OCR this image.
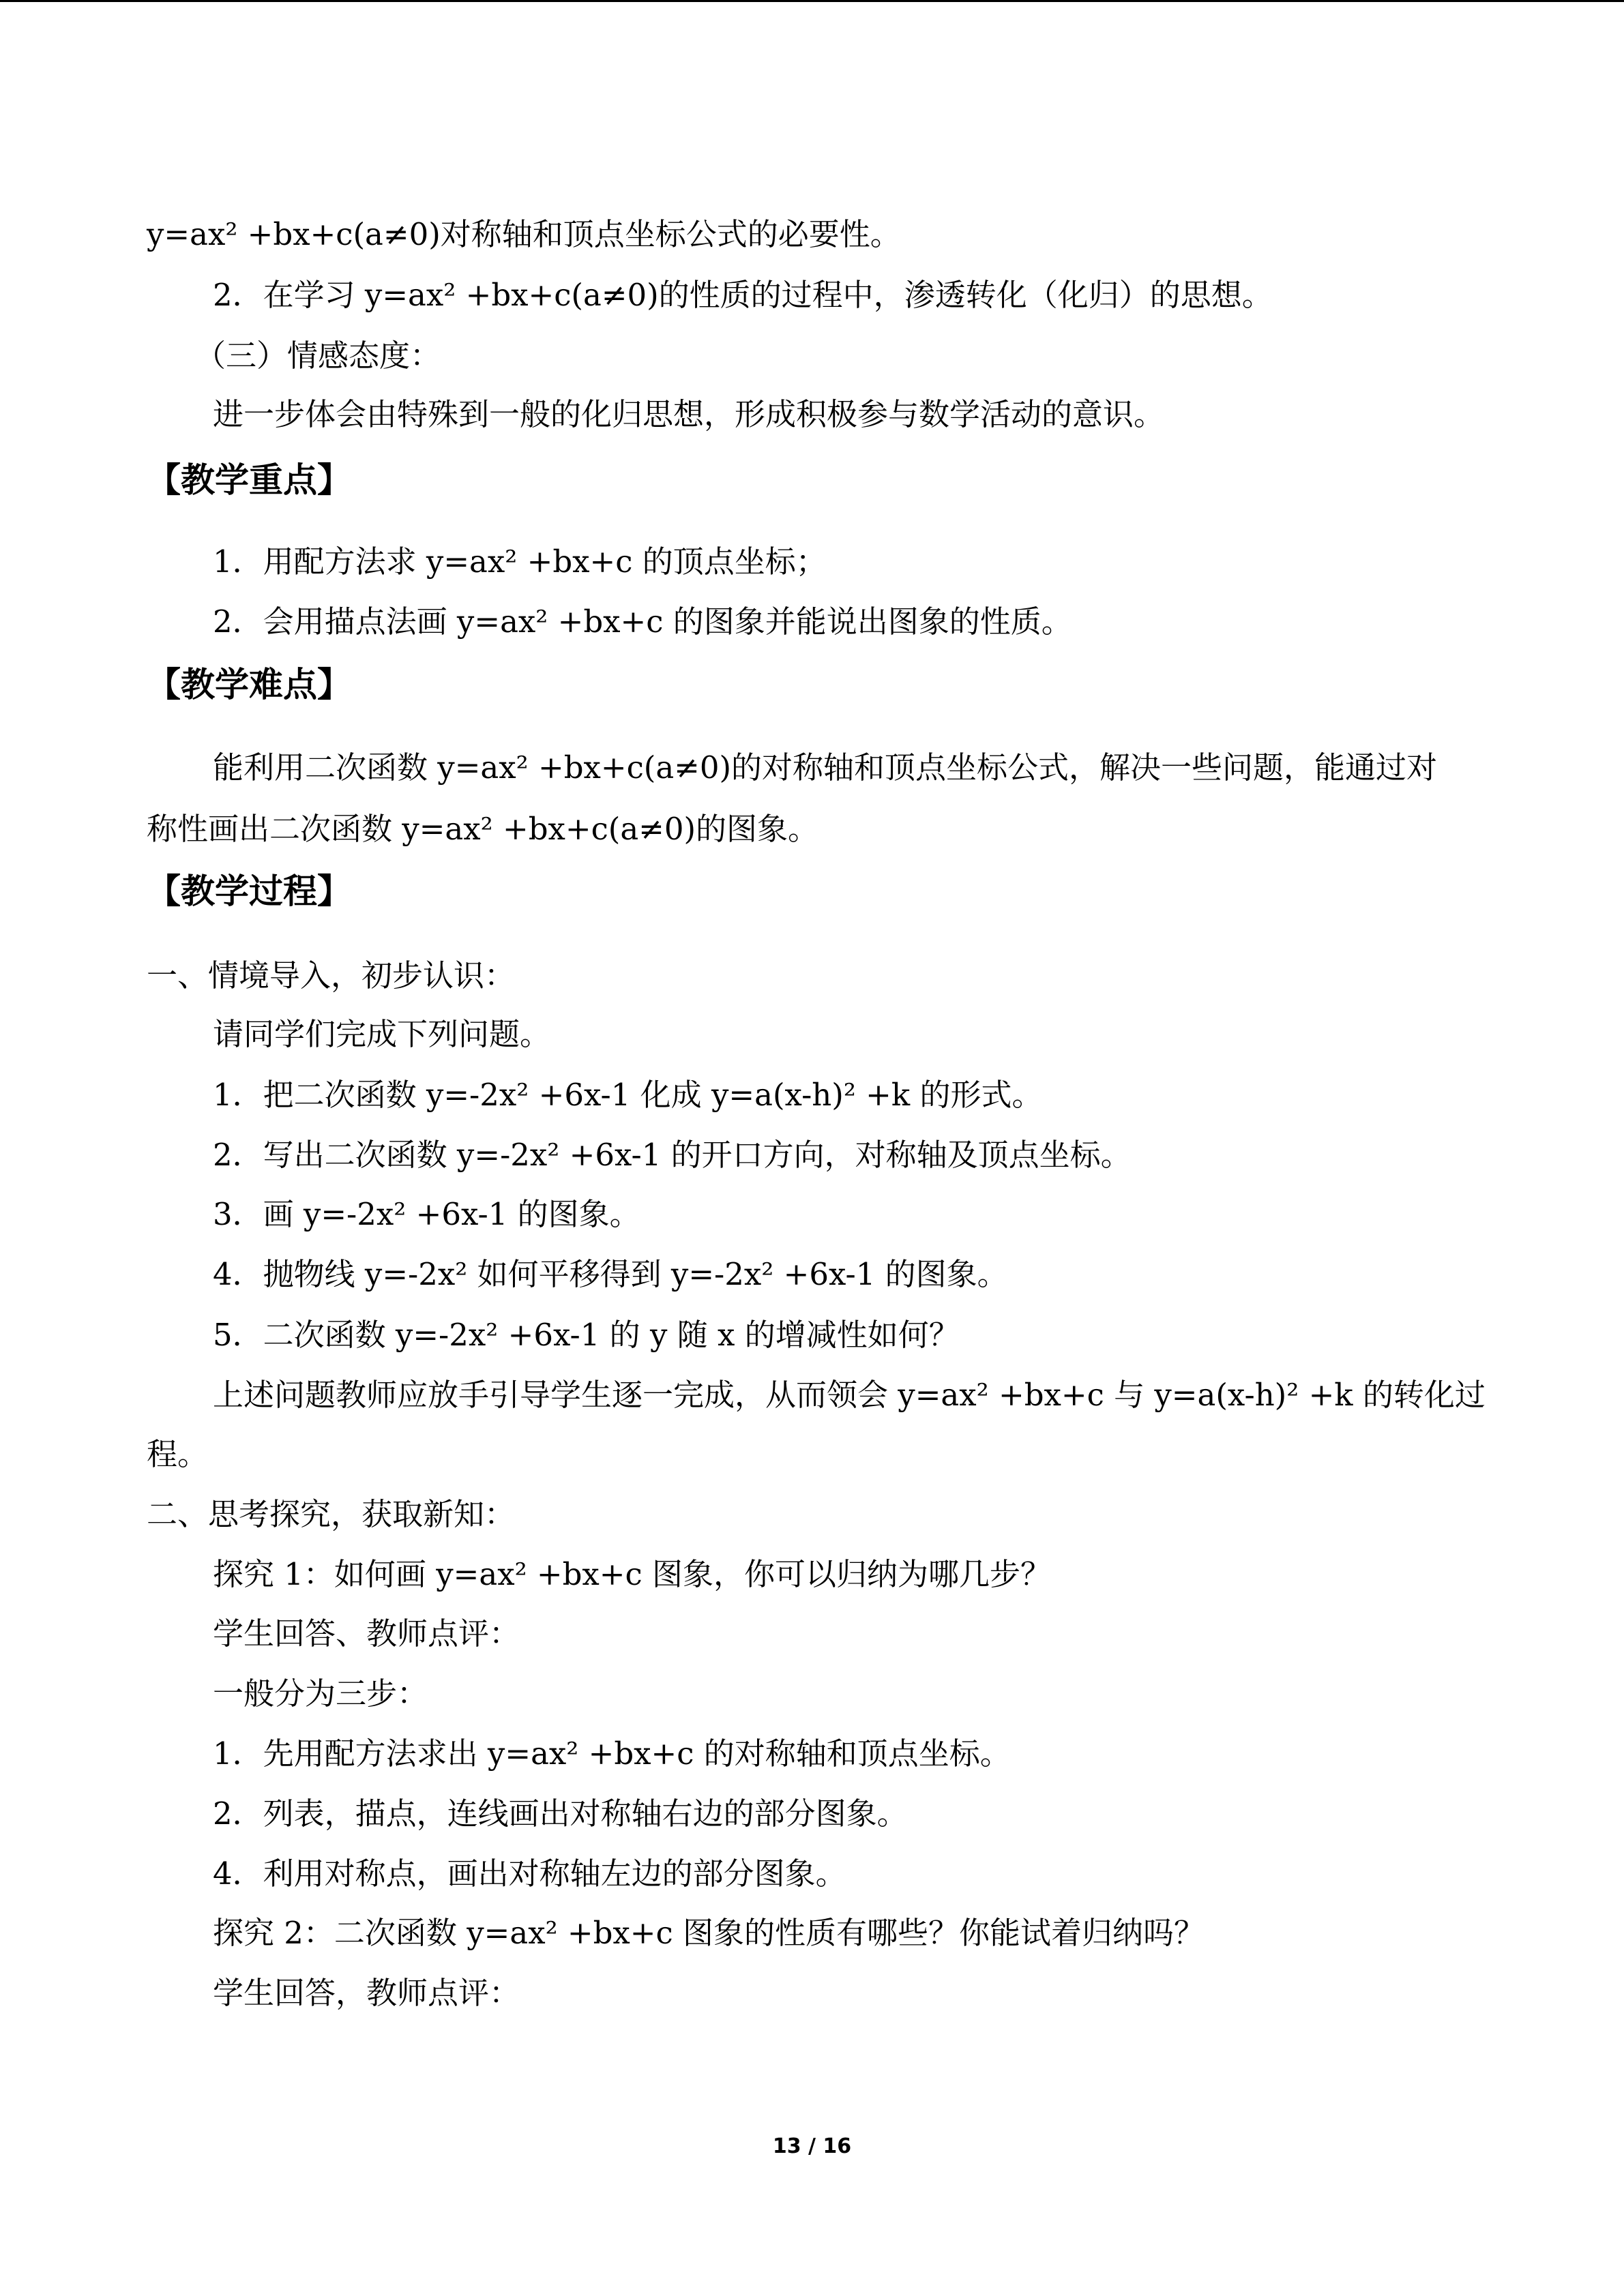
y=ax² +bx+c(a≠0)对称轴和顶点坐标公式的必要性。
2．在学习 y=ax² +bx+c(a≠0)的性质的过程中，渗透转化（化归）的思想。
（三）情感态度：
进一步体会由特殊到一般的化归思想，形成积极参与数学活动的意识。
【教学重点】
1．用配方法求 y=ax² +bx+c 的顶点坐标；
2．会用描点法画 y=ax² +bx+c 的图象并能说出图象的性质。
【教学难点】
能利用二次函数 y=ax² +bx+c(a≠0)的对称轴和顶点坐标公式，解决一些问题，能通过对
称性画出二次函数 y=ax² +bx+c(a≠0)的图象。
【教学过程】
一、情境导入，初步认识：
请同学们完成下列问题。
1．把二次函数 y=-2x² +6x-1 化成 y=a(x-h)² +k 的形式。
2．写出二次函数 y=-2x² +6x-1 的开口方向，对称轴及顶点坐标。
3．画 y=-2x² +6x-1 的图象。
4．抛物线 y=-2x² 如何平移得到 y=-2x² +6x-1 的图象。
5．二次函数 y=-2x² +6x-1 的 y 随 x 的增减性如何？
上述问题教师应放手引导学生逐一完成，从而领会 y=ax² +bx+c 与 y=a(x-h)² +k 的转化过
程。
二、思考探究，获取新知：
探究 1：如何画 y=ax² +bx+c 图象，你可以归纳为哪几步？
学生回答、教师点评：
一般分为三步：
1．先用配方法求出 y=ax² +bx+c 的对称轴和顶点坐标。
2．列表，描点，连线画出对称轴右边的部分图象。
4．利用对称点，画出对称轴左边的部分图象。
探究 2：二次函数 y=ax² +bx+c 图象的性质有哪些？你能试着归纳吗？
学生回答，教师点评：
13 / 16
